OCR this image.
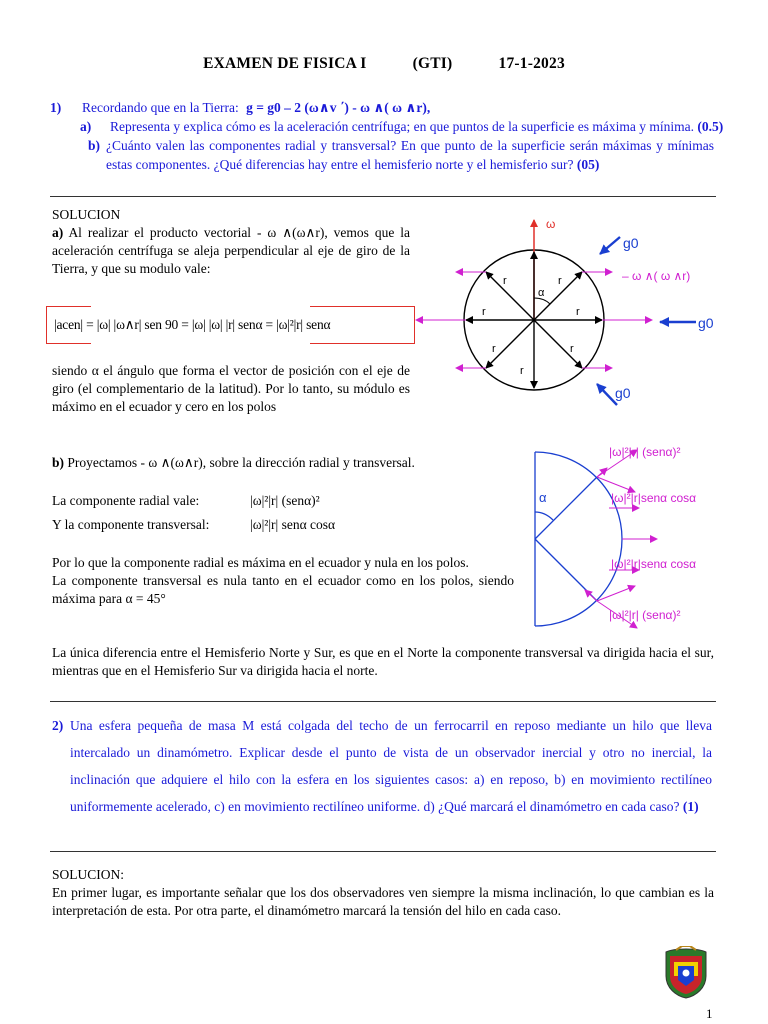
EXAMEN DE FISICA I	(GTI)	17-1-2023
1) Recordando que en la Tierra: g = g0 – 2 (ω∧v ΄) - ω ∧( ω ∧r),
a)	Representa y explica cómo es la aceleración centrífuga; en que puntos de la superficie es máxima y mínima. (0.5)
b) ¿Cuánto valen las componentes radial y transversal? En que punto de la superficie serán máximas y mínimas estas componentes. ¿Qué diferencias hay entre el hemisferio norte y el hemisferio sur? (05)
SOLUCION
a) Al realizar el producto vectorial - ω ∧(ω∧r), vemos que la aceleración centrífuga se aleja perpendicular al eje de giro de la Tierra, y que su modulo vale:
|acen| = |ω| |ω∧r| sen 90 = |ω| |ω| |r| senα = |ω|²|r| senα
siendo α el ángulo que forma el vector de posición con el eje de giro (el complementario de la latitud). Por lo tanto, su módulo es máximo en el ecuador y cero en los polos
ω
r	r
r	r
r	r
r
α
– ω ∧( ω ∧r)
g0
g0
g0
b) Proyectamos - ω ∧(ω∧r), sobre la dirección radial y transversal.
La componente radial vale:	|ω|²|r| (senα)²
Y la componente transversal:	|ω|²|r| senα cosα
Por lo que la componente radial es máxima en el ecuador y nula en los polos.
La componente transversal es nula tanto en el ecuador como en los polos, siendo máxima para α = 45°
α
|ω|²|r| (senα)²
|ω|²|r|senα cosα
|ω|²|r|senα cosα
|ω|²|r| (senα)²
La única diferencia entre el Hemisferio Norte y Sur, es que en el Norte la componente transversal va dirigida hacia el sur, mientras que en el Hemisferio Sur va dirigida hacia el norte.
2) Una esfera pequeña de masa M está colgada del techo de un ferrocarril en reposo mediante un hilo que lleva intercalado un dinamómetro. Explicar desde el punto de vista de un observador inercial y otro no inercial, la inclinación que adquiere el hilo con la esfera en los siguientes casos: a) en reposo, b) en movimiento rectilíneo uniformemente acelerado, c) en movimiento rectilíneo uniforme. d) ¿Qué marcará el dinamómetro en cada caso? (1)
SOLUCION:
En primer lugar, es importante señalar que los dos observadores ven siempre la misma inclinación, lo que cambian es la interpretación de esta. Por otra parte, el dinamómetro marcará la tensión del hilo en cada caso.
1
